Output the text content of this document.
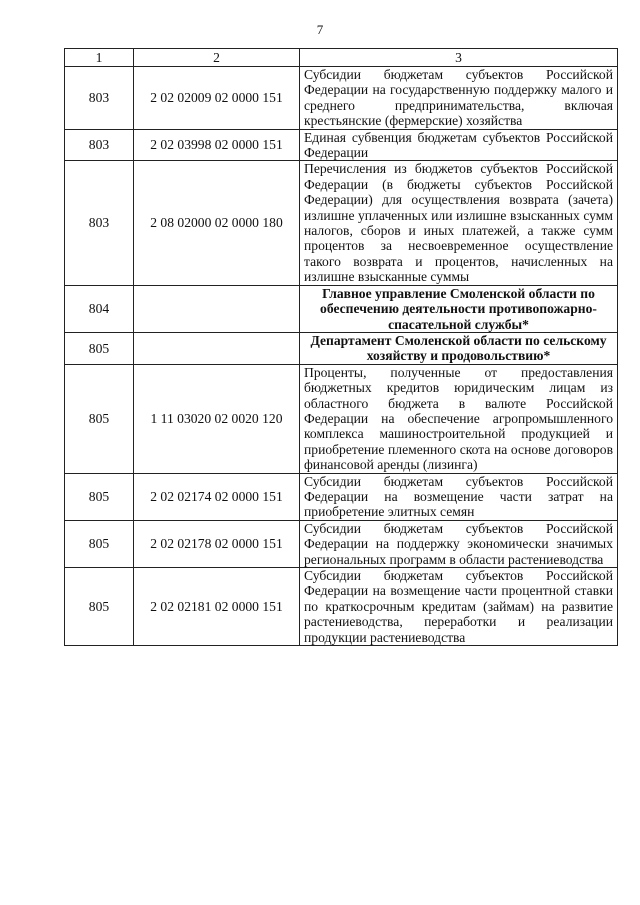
7
1	2	3
803	2 02 02009 02 0000 151	Субсидии бюджетам субъектов Российской Федерации на государственную поддержку малого и среднего предпринимательства, включая крестьянские (фермерские) хозяйства
803	2 02 03998 02 0000 151	Единая субвенция бюджетам субъектов Российской Федерации
803	2 08 02000 02 0000 180	Перечисления из бюджетов субъектов Российской Федерации (в бюджеты субъектов Российской Федерации) для осуществления возврата (зачета) излишне уплаченных или излишне взысканных сумм налогов, сборов и иных платежей, а также сумм процентов за несвоевременное осуществление такого возврата и процентов, начисленных на излишне взысканные суммы
804		Главное управление Смоленской области по обеспечению деятельности противопожарно-спасательной службы*
805		Департамент Смоленской области по сельскому хозяйству и продовольствию*
805	1 11 03020 02 0020 120	Проценты, полученные от предоставления бюджетных кредитов юридическим лицам из областного бюджета в валюте Российской Федерации на обеспечение агропромышленного комплекса машиностроительной продукцией и приобретение племенного скота на основе договоров финансовой аренды (лизинга)
805	2 02 02174 02 0000 151	Субсидии бюджетам субъектов Российской Федерации на возмещение части затрат на приобретение элитных семян
805	2 02 02178 02 0000 151	Субсидии бюджетам субъектов Российской Федерации на поддержку экономически значимых региональных программ в области растениеводства
805	2 02 02181 02 0000 151	Субсидии бюджетам субъектов Российской Федерации на возмещение части процентной ставки по краткосрочным кредитам (займам) на развитие растениеводства, переработки и реализации продукции растениеводства
